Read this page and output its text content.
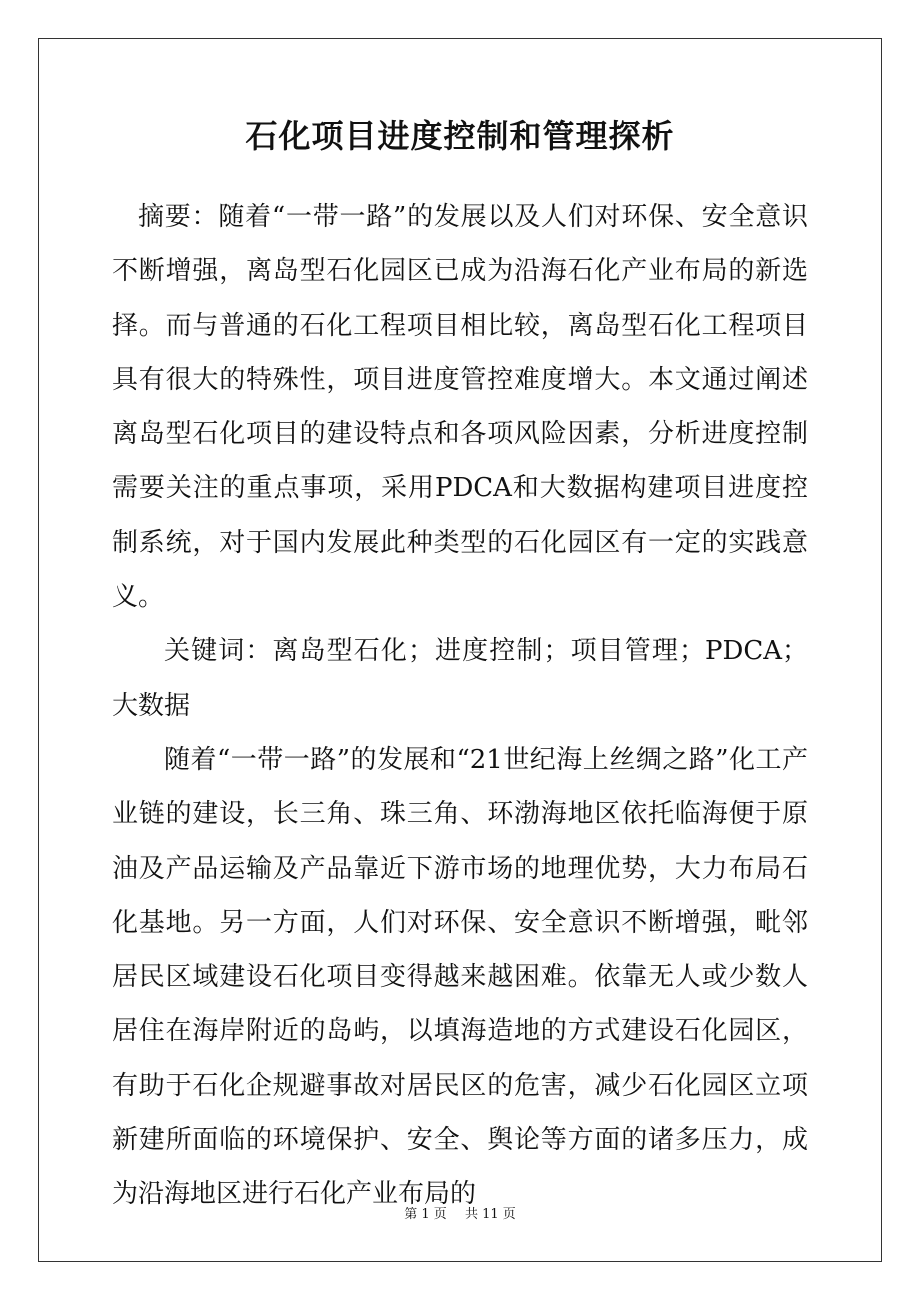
石化项目进度控制和管理探析

摘要：随着“一带一路”的发展以及人们对环保、安全意识不断增强，离岛型石化园区已成为沿海石化产业布局的新选择。而与普通的石化工程项目相比较，离岛型石化工程项目具有很大的特殊性，项目进度管控难度增大。本文通过阐述离岛型石化项目的建设特点和各项风险因素，分析进度控制需要关注的重点事项，采用PDCA和大数据构建项目进度控制系统，对于国内发展此种类型的石化园区有一定的实践意义。

关键词：离岛型石化；进度控制；项目管理；PDCA；大数据

随着“一带一路”的发展和“21世纪海上丝绸之路”化工产业链的建设，长三角、珠三角、环渤海地区依托临海便于原油及产品运输及产品靠近下游市场的地理优势，大力布局石化基地。另一方面，人们对环保、安全意识不断增强，毗邻居民区域建设石化项目变得越来越困难。依靠无人或少数人居住在海岸附近的岛屿，以填海造地的方式建设石化园区，有助于石化企规避事故对居民区的危害，减少石化园区立项新建所面临的环境保护、安全、舆论等方面的诸多压力，成为沿海地区进行石化产业布局的

第 1 页 共 11 页
